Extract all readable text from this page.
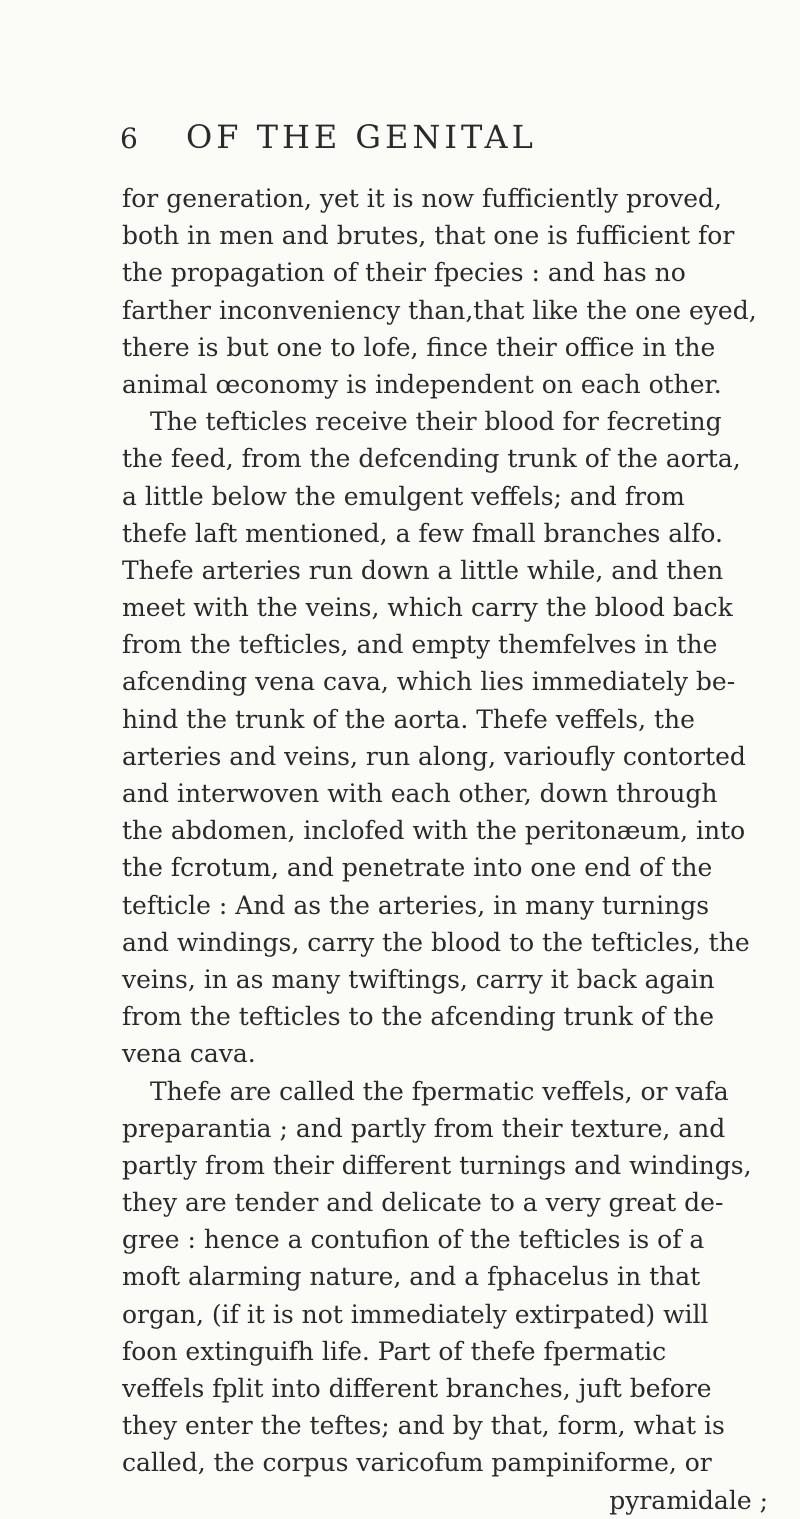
6 OF THE GENITAL
for generation, yet it is now fufficiently proved,
both in men and brutes, that one is fufficient for
the propagation of their fpecies : and has no
farther inconveniency than,that like the one eyed,
there is but one to lofe, fince their office in the
animal œconomy is independent on each other.
The tefticles receive their blood for fecreting
the feed, from the defcending trunk of the aorta,
a little below the emulgent veffels; and from
thefe laft mentioned, a few fmall branches alfo.
Thefe arteries run down a little while, and then
meet with the veins, which carry the blood back
from the tefticles, and empty themfelves in the
afcending vena cava, which lies immediately be-
hind the trunk of the aorta. Thefe veffels, the
arteries and veins, run along, varioufly contorted
and interwoven with each other, down through
the abdomen, inclofed with the peritonæum, into
the fcrotum, and penetrate into one end of the
tefticle : And as the arteries, in many turnings
and windings, carry the blood to the tefticles, the
veins, in as many twiftings, carry it back again
from the tefticles to the afcending trunk of the
vena cava.
Thefe are called the fpermatic veffels, or vafa
preparantia ; and partly from their texture, and
partly from their different turnings and windings,
they are tender and delicate to a very great de-
gree : hence a contufion of the tefticles is of a
moft alarming nature, and a fphacelus in that
organ, (if it is not immediately extirpated) will
foon extinguifh life. Part of thefe fpermatic
veffels fplit into different branches, juft before
they enter the teftes; and by that, form, what is
called, the corpus varicofum pampiniforme, or
pyramidale ;
